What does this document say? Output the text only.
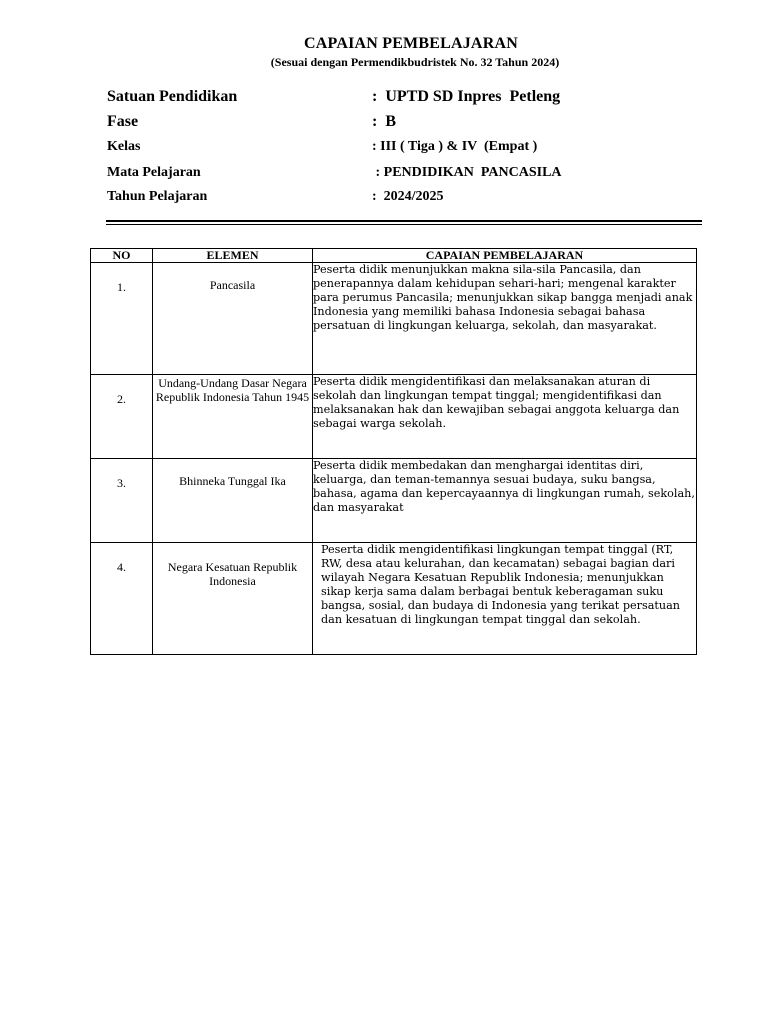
CAPAIAN PEMBELAJARAN
(Sesuai dengan Permendikbudristek No. 32 Tahun 2024)
Satuan Pendidikan	:  UPTD SD Inpres  Petleng
Fase	:  B
Kelas	: III ( Tiga ) & IV  (Empat )
Mata Pelajaran	: PENDIDIKAN  PANCASILA
Tahun Pelajaran	:  2024/2025
NO	ELEMEN	CAPAIAN PEMBELAJARAN

1.	Pancasila	Peserta didik menunjukkan makna sila-sila Pancasila, dan penerapannya dalam kehidupan sehari-hari; mengenal karakter para perumus Pancasila; menunjukkan sikap bangga menjadi anak Indonesia yang memiliki bahasa Indonesia sebagai bahasa persatuan di lingkungan keluarga, sekolah, dan masyarakat.

2.	Undang-Undang Dasar Negara Republik Indonesia Tahun 1945	Peserta didik mengidentifikasi dan melaksanakan aturan di sekolah dan lingkungan tempat tinggal; mengidentifikasi dan melaksanakan hak dan kewajiban sebagai anggota keluarga dan sebagai warga sekolah.

3.	Bhinneka Tunggal Ika	Peserta didik membedakan dan menghargai identitas diri, keluarga, dan teman-temannya sesuai budaya, suku bangsa, bahasa, agama dan kepercayaannya di lingkungan rumah, sekolah, dan masyarakat

4.	Negara Kesatuan Republik Indonesia	Peserta didik mengidentifikasi lingkungan tempat tinggal (RT, RW, desa atau kelurahan, dan kecamatan) sebagai bagian dari wilayah Negara Kesatuan Republik Indonesia; menunjukkan sikap kerja sama dalam berbagai bentuk keberagaman suku bangsa, sosial, dan budaya di Indonesia yang terikat persatuan dan kesatuan di lingkungan tempat tinggal dan sekolah.
